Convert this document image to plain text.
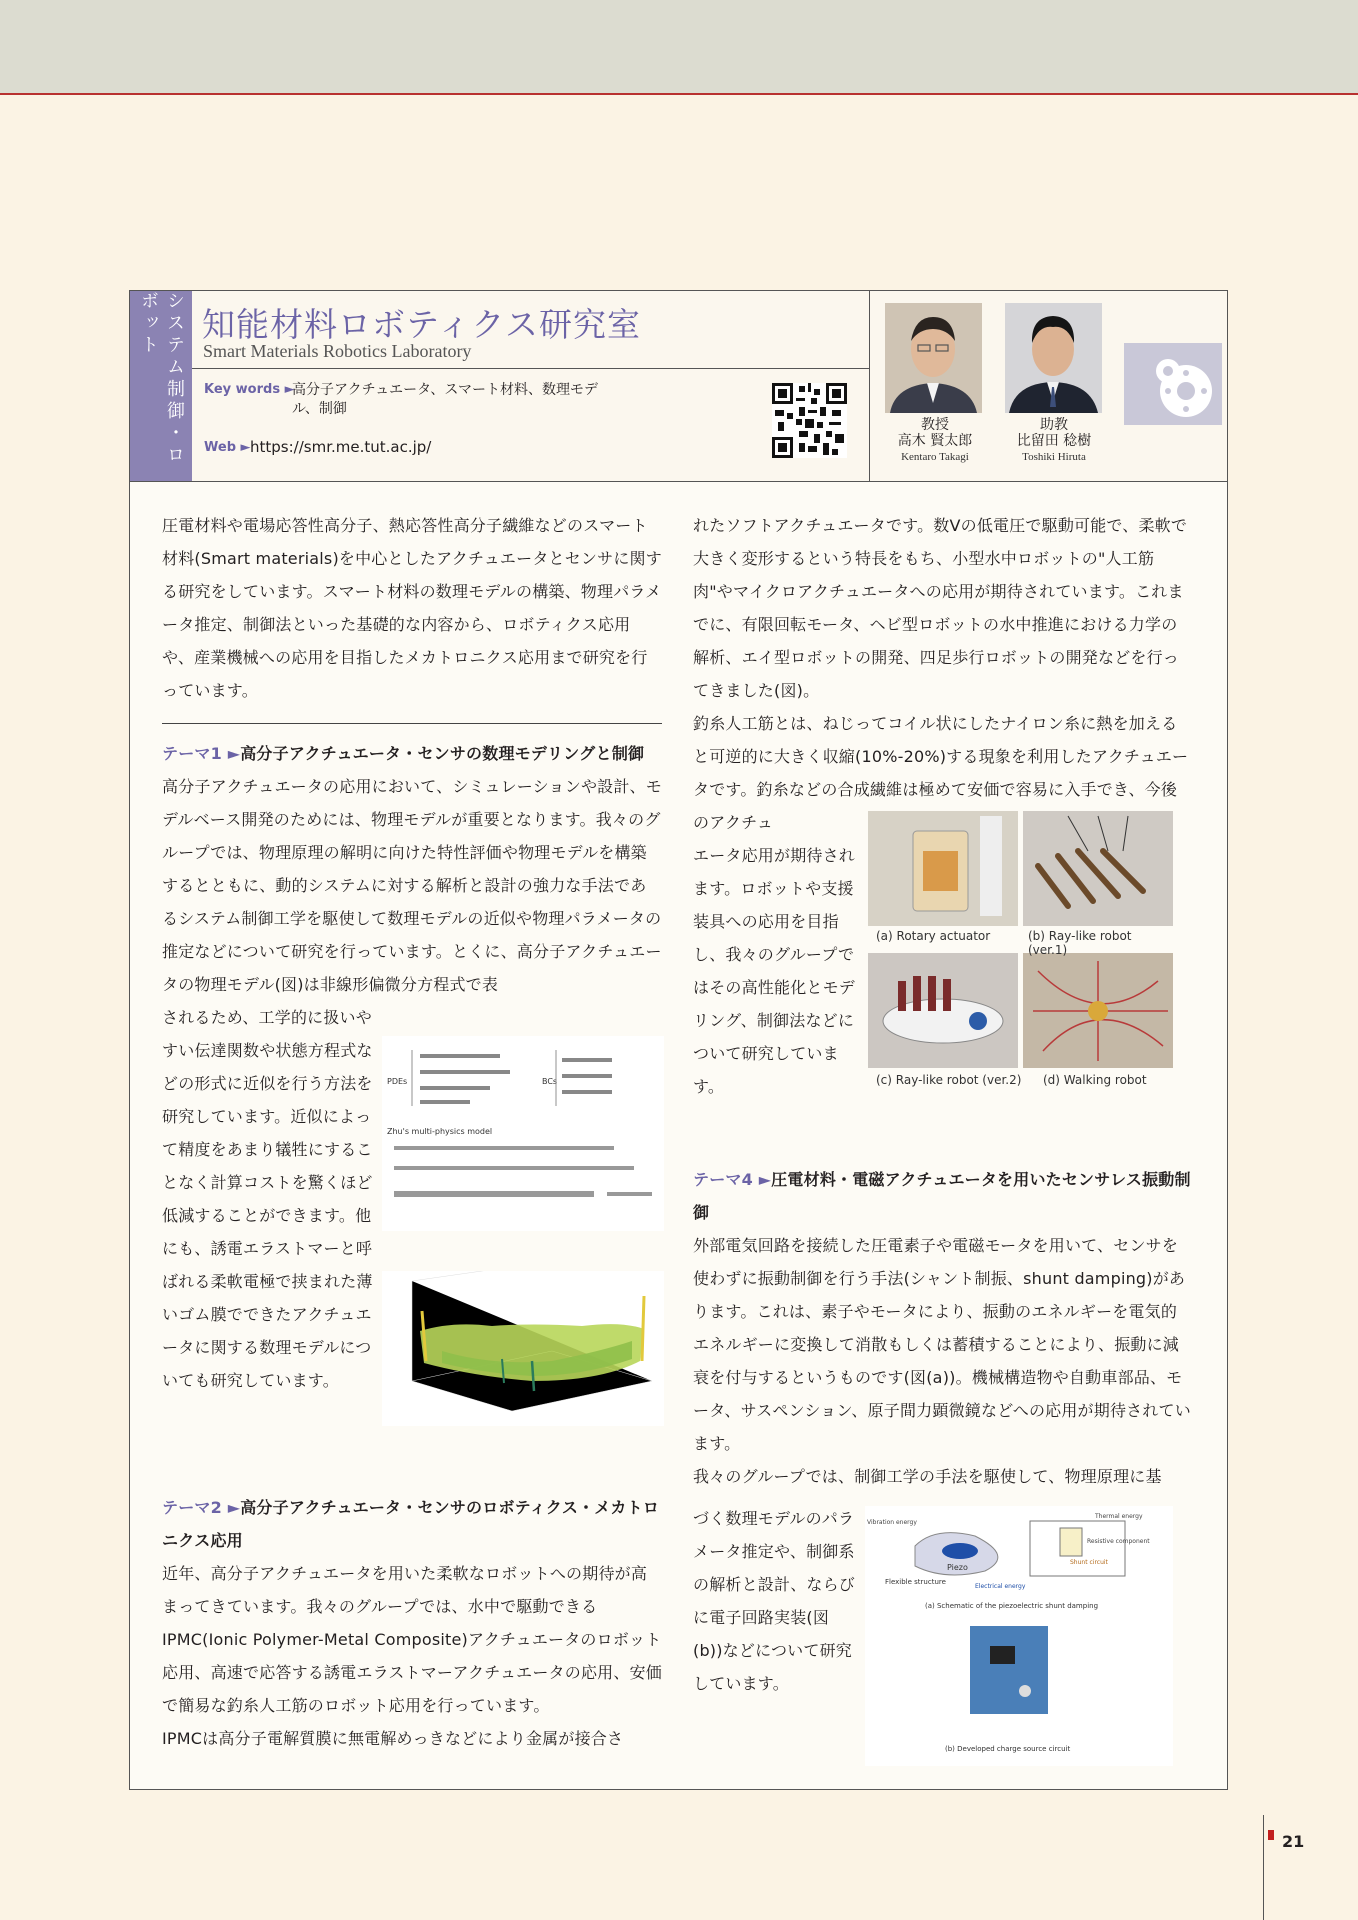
システム制御・ロボット	知能材料ロボティクス研究室
Smart Materials Robotics Laboratory
Key words ►
高分子アクチュエータ、スマート材料、数理モデル、制御
Web ► https://smr.me.tut.ac.jp/
教授
高木 賢太郎
Kentaro Takagi
助教
比留田 稔樹
Toshiki Hiruta

圧電材料や電場応答性高分子、熱応答性高分子繊維などのスマート材料(Smart materials)を中心としたアクチュエータとセンサに関する研究をしています。スマート材料の数理モデルの構築、物理パラメータ推定、制御法といった基礎的な内容から、ロボティクス応用や、産業機械への応用を目指したメカトロニクス応用まで研究を行っています。

テーマ1 ►高分子アクチュエータ・センサの数理モデリングと制御

高分子アクチュエータの応用において、シミュレーションや設計、モデルベース開発のためには、物理モデルが重要となります。我々のグループでは、物理原理の解明に向けた特性評価や物理モデルを構築するとともに、動的システムに対する解析と設計の強力な手法であるシステム制御工学を駆使して数理モデルの近似や物理パラメータの推定などについて研究を行っています。とくに、高分子アクチュエータの物理モデル(図)は非線形偏微分方程式で表

されるため、工学的に扱いやすい伝達関数や状態方程式などの形式に近似を行う方法を研究しています。近似によって精度をあまり犠牲にすることなく計算コストを驚くほど低減することができます。他にも、誘電エラストマーと呼ばれる柔軟電極で挟まれた薄いゴム膜でできたアクチュエータに関する数理モデルについても研究しています。

PDEs	BCs
Zhu's multi-physics model

テーマ2 ►高分子アクチュエータ・センサのロボティクス・メカトロニクス応用

近年、高分子アクチュエータを用いた柔軟なロボットへの期待が高まってきています。我々のグループでは、水中で駆動できるIPMC(Ionic Polymer-Metal Composite)アクチュエータのロボット応用、高速で応答する誘電エラストマーアクチュエータの応用、安価で簡易な釣糸人工筋のロボット応用を行っています。

IPMCは高分子電解質膜に無電解めっきなどにより金属が接合さ

れたソフトアクチュエータです。数Vの低電圧で駆動可能で、柔軟で大きく変形するという特長をもち、小型水中ロボットの"人工筋肉"やマイクロアクチュエータへの応用が期待されています。これまでに、有限回転モータ、ヘビ型ロボットの水中推進における力学の解析、エイ型ロボットの開発、四足歩行ロボットの開発などを行ってきました(図)。

釣糸人工筋とは、ねじってコイル状にしたナイロン糸に熱を加えると可逆的に大きく収縮(10%-20%)する現象を利用したアクチュエータです。釣糸などの合成繊維は極めて安価で容易に入手でき、今後のアクチュ

エータ応用が期待されます。ロボットや支援装具への応用を目指し、我々のグループではその高性能化とモデリング、制御法などについて研究しています。

(a) Rotary actuator	(b) Ray-like robot (ver.1)
(c) Ray-like robot (ver.2) (d) Walking robot

テーマ4 ►圧電材料・電磁アクチュエータを用いたセンサレス振動制御

外部電気回路を接続した圧電素子や電磁モータを用いて、センサを使わずに振動制御を行う手法(シャント制振、shunt damping)があります。これは、素子やモータにより、振動のエネルギーを電気的エネルギーに変換して消散もしくは蓄積することにより、振動に減衰を付与するというものです(図(a))。機械構造物や自動車部品、モータ、サスペンション、原子間力顕微鏡などへの応用が期待されています。

我々のグループでは、制御工学の手法を駆使して、物理原理に基

づく数理モデルのパラメータ推定や、制御系の解析と設計、ならびに電子回路実装(図(b))などについて研究しています。

Piezo
Vibration energy
Thermal energy
Resistive component
Shunt circuit
Flexible structure
Electrical energy
(a) Schematic of the piezoelectric shunt damping
(b) Developed charge source circuit
21
